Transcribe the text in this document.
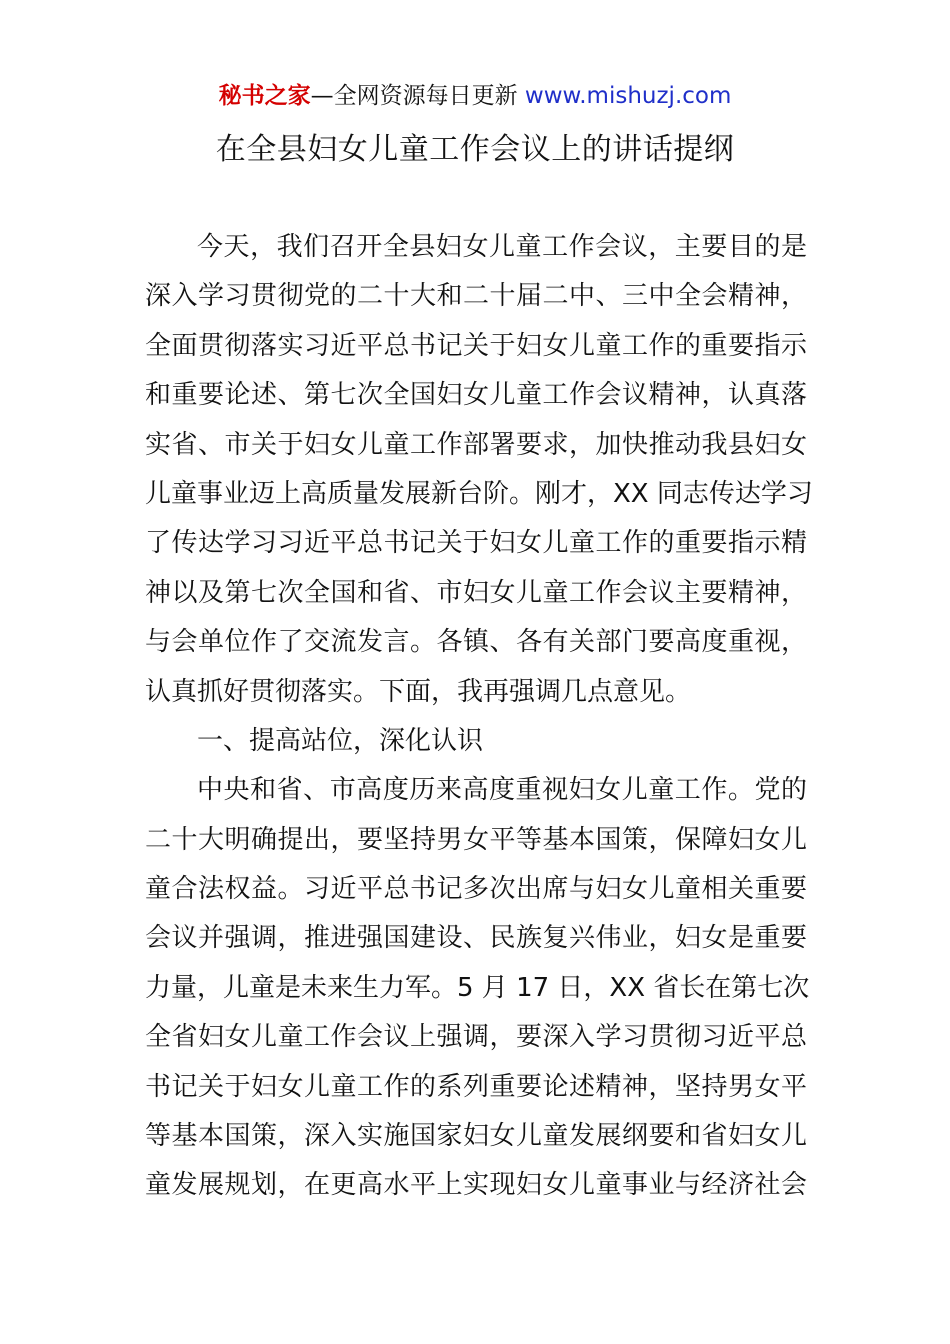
秘书之家—全网资源每日更新 www.mishuzj.com
在全县妇女儿童工作会议上的讲话提纲
今天，我们召开全县妇女儿童工作会议，主要目的是
深入学习贯彻党的二十大和二十届二中、三中全会精神，
全面贯彻落实习近平总书记关于妇女儿童工作的重要指示
和重要论述、第七次全国妇女儿童工作会议精神，认真落
实省、市关于妇女儿童工作部署要求，加快推动我县妇女
儿童事业迈上高质量发展新台阶。刚才，XX 同志传达学习
了传达学习习近平总书记关于妇女儿童工作的重要指示精
神以及第七次全国和省、市妇女儿童工作会议主要精神，
与会单位作了交流发言。各镇、各有关部门要高度重视，
认真抓好贯彻落实。下面，我再强调几点意见。
一、提高站位，深化认识
中央和省、市高度历来高度重视妇女儿童工作。党的
二十大明确提出，要坚持男女平等基本国策，保障妇女儿
童合法权益。习近平总书记多次出席与妇女儿童相关重要
会议并强调，推进强国建设、民族复兴伟业，妇女是重要
力量，儿童是未来生力军。5 月 17 日，XX 省长在第七次
全省妇女儿童工作会议上强调，要深入学习贯彻习近平总
书记关于妇女儿童工作的系列重要论述精神，坚持男女平
等基本国策，深入实施国家妇女儿童发展纲要和省妇女儿
童发展规划，在更高水平上实现妇女儿童事业与经济社会
